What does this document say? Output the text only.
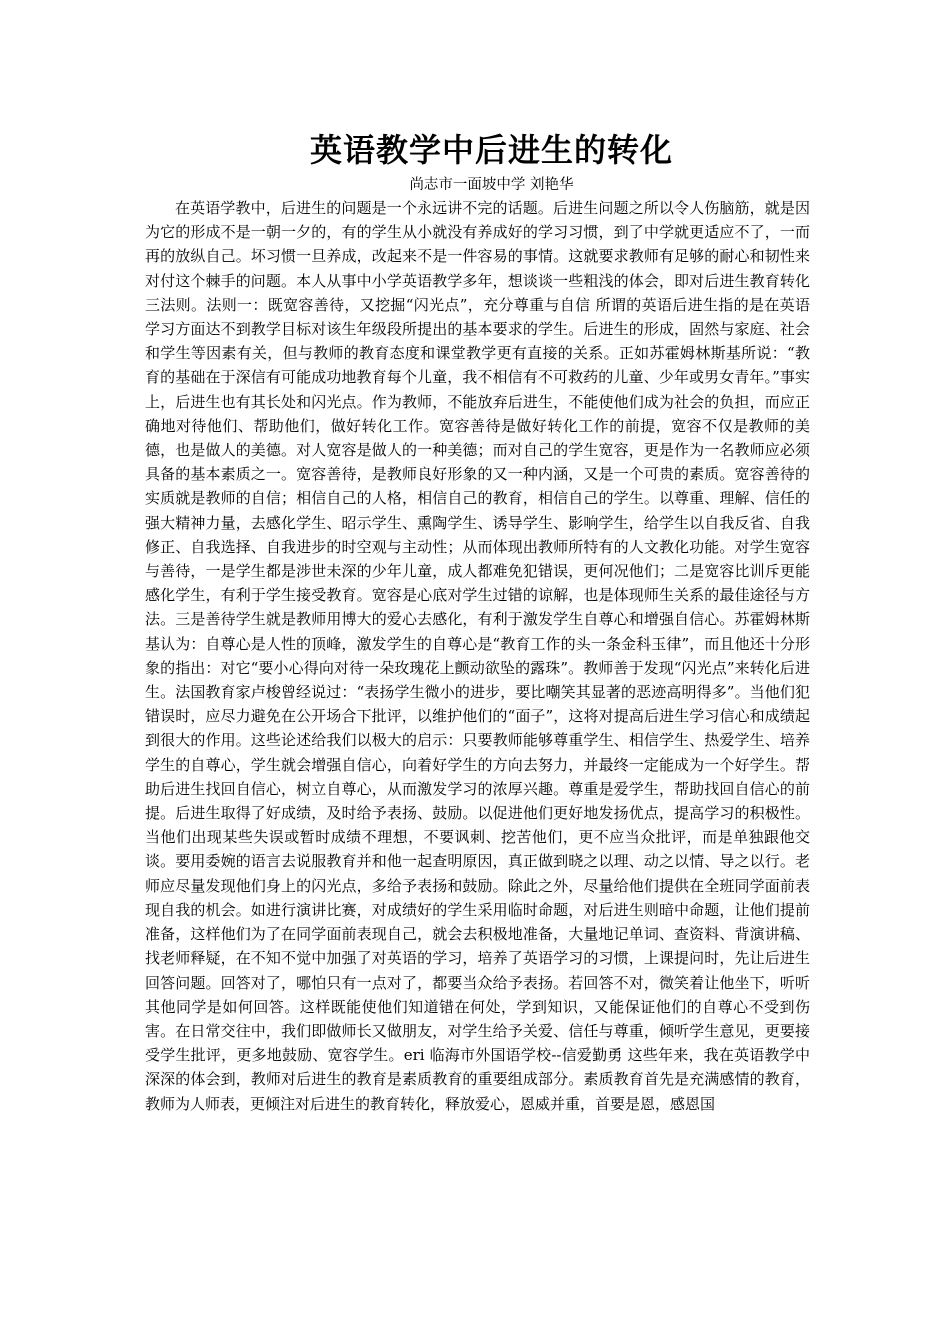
英语教学中后进生的转化

尚志市一面坡中学 刘艳华

在英语学教中，后进生的问题是一个永远讲不完的话题。后进生问题之所以令人伤脑筋，就是因为它的形成不是一朝一夕的，有的学生从小就没有养成好的学习习惯，到了中学就更适应不了，一而再的放纵自己。坏习惯一旦养成，改起来不是一件容易的事情。这就要求教师有足够的耐心和韧性来对付这个棘手的问题。本人从事中小学英语教学多年，想谈谈一些粗浅的体会，即对后进生教育转化三法则。法则一：既宽容善待，又挖掘“闪光点”，充分尊重与自信 所谓的英语后进生指的是在英语学习方面达不到教学目标对该生年级段所提出的基本要求的学生。后进生的形成，固然与家庭、社会和学生等因素有关，但与教师的教育态度和课堂教学更有直接的关系。正如苏霍姆林斯基所说：“教育的基础在于深信有可能成功地教育每个儿童，我不相信有不可救药的儿童、少年或男女青年。”事实上，后进生也有其长处和闪光点。作为教师，不能放弃后进生，不能使他们成为社会的负担，而应正确地对待他们、帮助他们，做好转化工作。宽容善待是做好转化工作的前提，宽容不仅是教师的美德，也是做人的美德。对人宽容是做人的一种美德；而对自己的学生宽容，更是作为一名教师应必须具备的基本素质之一。宽容善待，是教师良好形象的又一种内涵，又是一个可贵的素质。宽容善待的实质就是教师的自信；相信自己的人格，相信自己的教育，相信自己的学生。以尊重、理解、信任的强大精神力量，去感化学生、昭示学生、熏陶学生、诱导学生、影响学生，给学生以自我反省、自我修正、自我选择、自我进步的时空观与主动性；从而体现出教师所特有的人文教化功能。对学生宽容与善待，一是学生都是涉世未深的少年儿童，成人都难免犯错误，更何况他们；二是宽容比训斥更能感化学生，有利于学生接受教育。宽容是心底对学生过错的谅解，也是体现师生关系的最佳途径与方法。三是善待学生就是教师用博大的爱心去感化，有利于激发学生自尊心和增强自信心。苏霍姆林斯基认为：自尊心是人性的顶峰，激发学生的自尊心是“教育工作的头一条金科玉律”，而且他还十分形象的指出：对它“要小心得向对待一朵玫瑰花上颤动欲坠的露珠”。教师善于发现“闪光点”来转化后进生。法国教育家卢梭曾经说过：“表扬学生微小的进步，要比嘲笑其显著的恶迹高明得多”。当他们犯错误时，应尽力避免在公开场合下批评，以维护他们的“面子”，这将对提高后进生学习信心和成绩起到很大的作用。这些论述给我们以极大的启示：只要教师能够尊重学生、相信学生、热爱学生、培养学生的自尊心，学生就会增强自信心，向着好学生的方向去努力，并最终一定能成为一个好学生。帮助后进生找回自信心，树立自尊心，从而激发学习的浓厚兴趣。尊重是爱学生，帮助找回自信心的前提。后进生取得了好成绩，及时给予表扬、鼓励。以促进他们更好地发扬优点，提高学习的积极性。当他们出现某些失误或暂时成绩不理想，不要讽刺、挖苦他们，更不应当众批评，而是单独跟他交谈。要用委婉的语言去说服教育并和他一起查明原因，真正做到晓之以理、动之以情、导之以行。老师应尽量发现他们身上的闪光点，多给予表扬和鼓励。除此之外，尽量给他们提供在全班同学面前表现自我的机会。如进行演讲比赛，对成绩好的学生采用临时命题，对后进生则暗中命题，让他们提前准备，这样他们为了在同学面前表现自己，就会去积极地准备，大量地记单词、查资料、背演讲稿、找老师释疑，在不知不觉中加强了对英语的学习，培养了英语学习的习惯，上课提问时，先让后进生回答问题。回答对了，哪怕只有一点对了，都要当众给予表扬。若回答不对，微笑着让他坐下，听听其他同学是如何回答。这样既能使他们知道错在何处，学到知识，又能保证他们的自尊心不受到伤害。在日常交往中，我们即做师长又做朋友，对学生给予关爱、信任与尊重，倾听学生意见，更要接受学生批评，更多地鼓励、宽容学生。eri 临海市外国语学校--信爱勤勇 这些年来，我在英语教学中深深的体会到，教师对后进生的教育是素质教育的重要组成部分。素质教育首先是充满感情的教育，教师为人师表，更倾注对后进生的教育转化，释放爱心，恩威并重，首要是恩，感恩国
